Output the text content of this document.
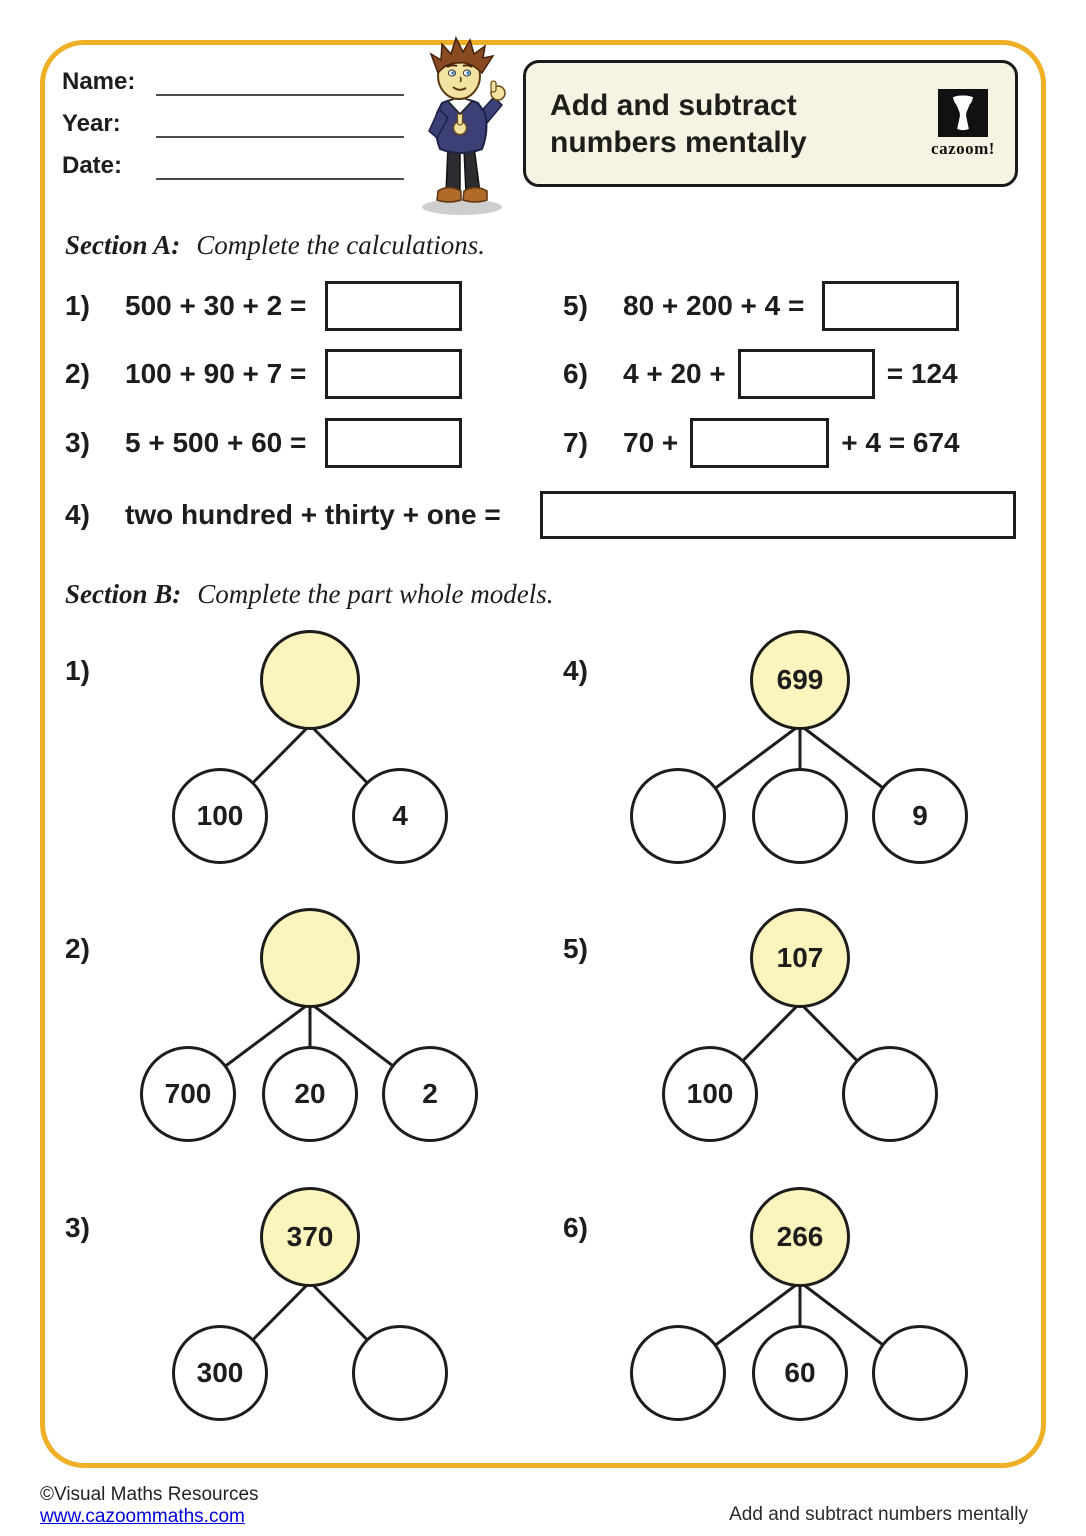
Name:
Year:
Date:
Add and subtract
numbers mentally	cazoom!
Section A: Complete the calculations.
1)	500 + 30 + 2 =
2)	100 + 90 + 7 =
3)	5 + 500 + 60 =
4)	two hundred + thirty + one =
5)	80 + 200 + 4 =
6)	4 + 20 +	= 124
7)	70 +	+ 4 = 674
Section B: Complete the part whole models.
1)	4)
2)	5)
3)	6)
100	4
699
9
700	20	2
107
100
370
300
266
60
©Visual Maths Resources
www.cazoommaths.com	Add and subtract numbers mentally
